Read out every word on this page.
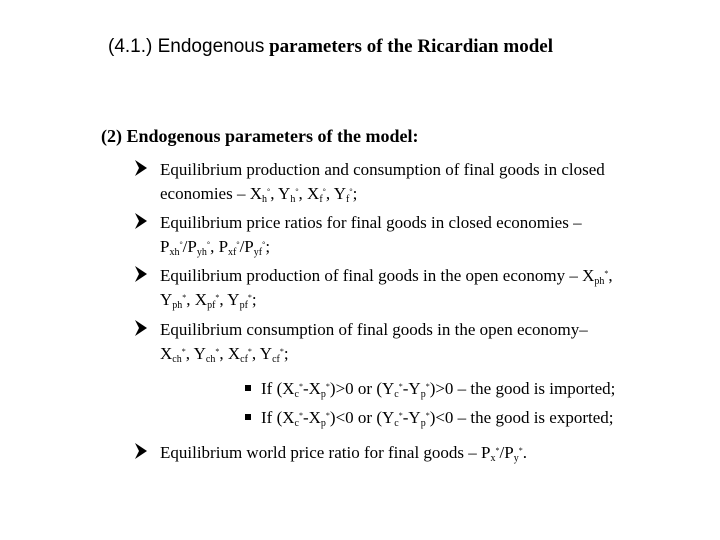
(4.1.) Endogenous parameters of the Ricardian model
(2) Endogenous parameters of the model:
Equilibrium production and consumption of final goods in closed
economies – $X_h^\circ$, $Y_h^\circ$, $X_f^\circ$, $Y_f^\circ$;
Equilibrium price ratios for final goods in closed economies –
$P_{xh}^\circ/P_{yh}^\circ$, $P_{xf}^\circ/P_{yf}^\circ$;
Equilibrium production of final goods in the open economy – $X_{ph}^*$,
$Y_{ph}^*$, $X_{pf}^*$, $Y_{pf}^*$;
Equilibrium consumption of final goods in the open economy–
$X_{ch}^*$, $Y_{ch}^*$, $X_{cf}^*$, $Y_{cf}^*$;
If $(X_c^*-X_p^*)>0$ or $(Y_c^*-Y_p^*)>0$ – the good is imported;
If $(X_c^*-X_p^*)<0$ or $(Y_c^*-Y_p^*)<0$ – the good is exported;
Equilibrium world price ratio for final goods – $P_x^*/P_y^*$.
